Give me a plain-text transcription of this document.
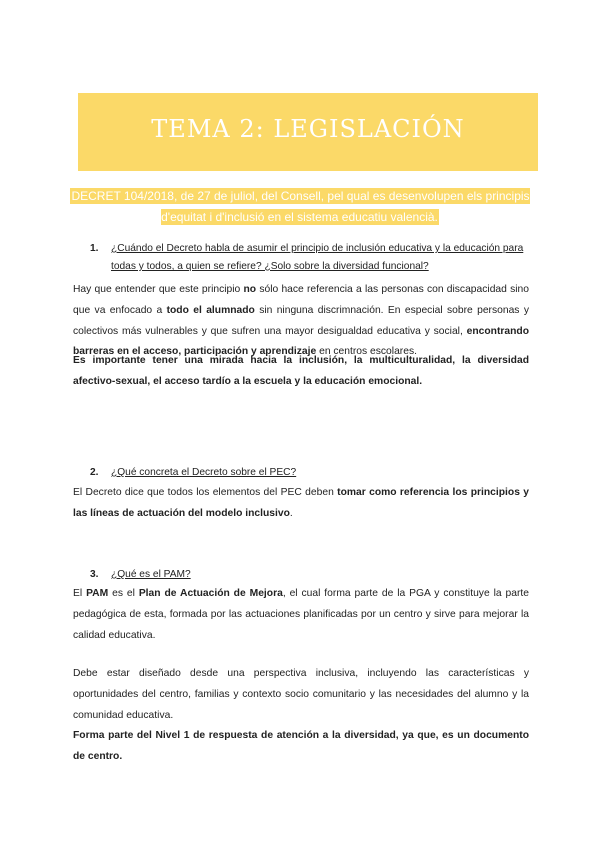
TEMA 2: LEGISLACIÓN
DECRET 104/2018, de 27 de juliol, del Consell, pel qual es desenvolupen els principis d'equitat i d'inclusió en el sistema educatiu valencià.
1. ¿Cuándo el Decreto habla de asumir el principio de inclusión educativa y la educación para todas y todos, a quien se refiere? ¿Solo sobre la diversidad funcional?
Hay que entender que este principio no sólo hace referencia a las personas con discapacidad sino que va enfocado a todo el alumnado sin ninguna discrimnación. En especial sobre personas y colectivos más vulnerables y que sufren una mayor desigualdad educativa y social, encontrando barreras en el acceso, participación y aprendizaje en centros escolares.
Es importante tener una mirada hacia la inclusión, la multiculturalidad, la diversidad afectivo-sexual, el acceso tardío a la escuela y la educación emocional.
2. ¿Qué concreta el Decreto sobre el PEC?
El Decreto dice que todos los elementos del PEC deben tomar como referencia los principios y las líneas de actuación del modelo inclusivo.
3. ¿Qué es el PAM?
El PAM es el Plan de Actuación de Mejora, el cual forma parte de la PGA y constituye la parte pedagógica de esta, formada por las actuaciones planificadas por un centro y sirve para mejorar la calidad educativa.
Debe estar diseñado desde una perspectiva inclusiva, incluyendo las características y oportunidades del centro, familias y contexto socio comunitario y las necesidades del alumno y la comunidad educativa.
Forma parte del Nivel 1 de respuesta de atención a la diversidad, ya que, es un documento de centro.
